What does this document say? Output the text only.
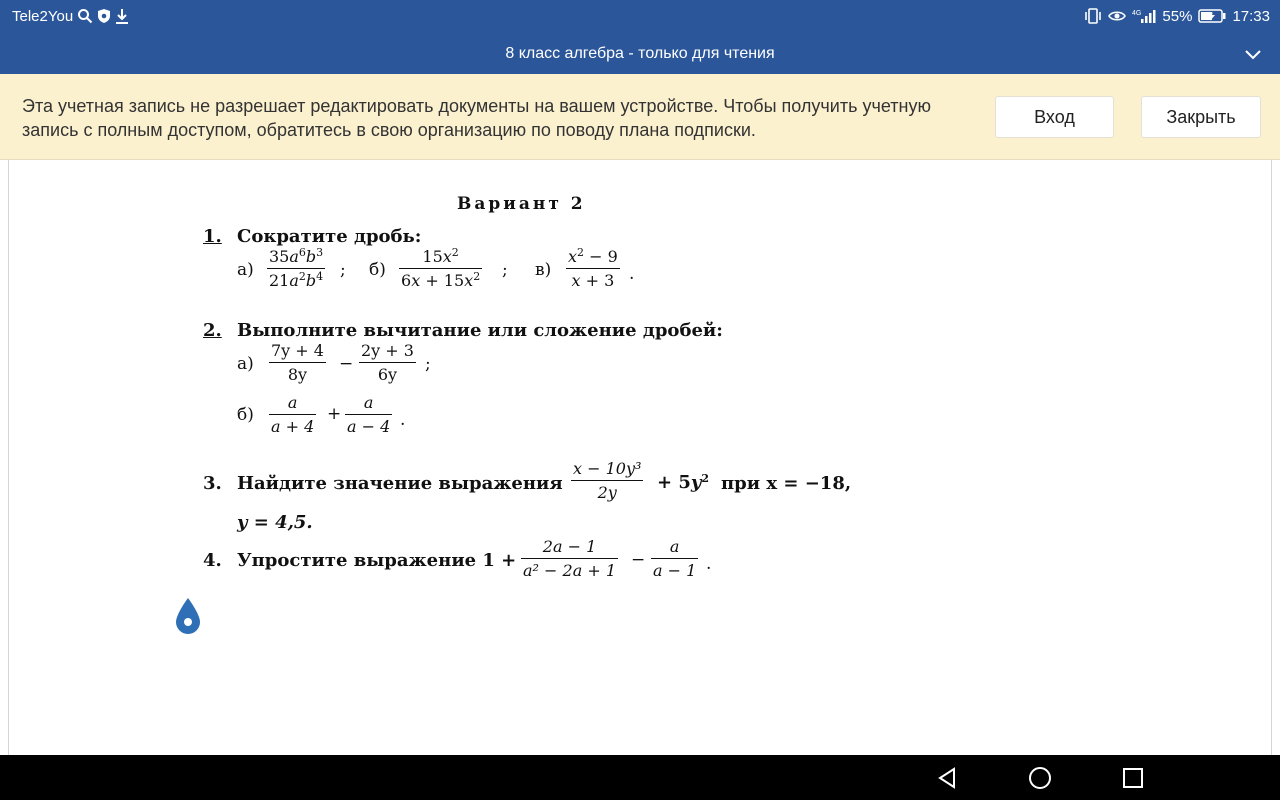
Tele2You	4G 55%	17:33
8 класс алгебра - только для чтения
Эта учетная запись не разрешает редактировать документы на вашем устройстве. Чтобы получить учетную запись с полным доступом, обратитесь в свою организацию по поводу плана подписки.
Вход	Закрыть
Вариант 2
1. Сократите дробь:
а)
$35a^6b^3$
$21a^2b^4$ ; б)
$15x^2$
$6x + 15x^2$ ; в)
$x^2 - 9$
x + 3 .
2. Выполните вычитание или сложение дробей:
а)
7y + 4
8y
−
2y + 3
6y
;
б)
a
a + 4
+
a
a − 4 .
3. Найдите значение выражения
x − 10y³
$2y + 5y^2$ при x = −18,
y = 4,5.
4. Упростите выражение 1 +
2a − 1
a² − 2a + 1
−
a
a − 1 .
